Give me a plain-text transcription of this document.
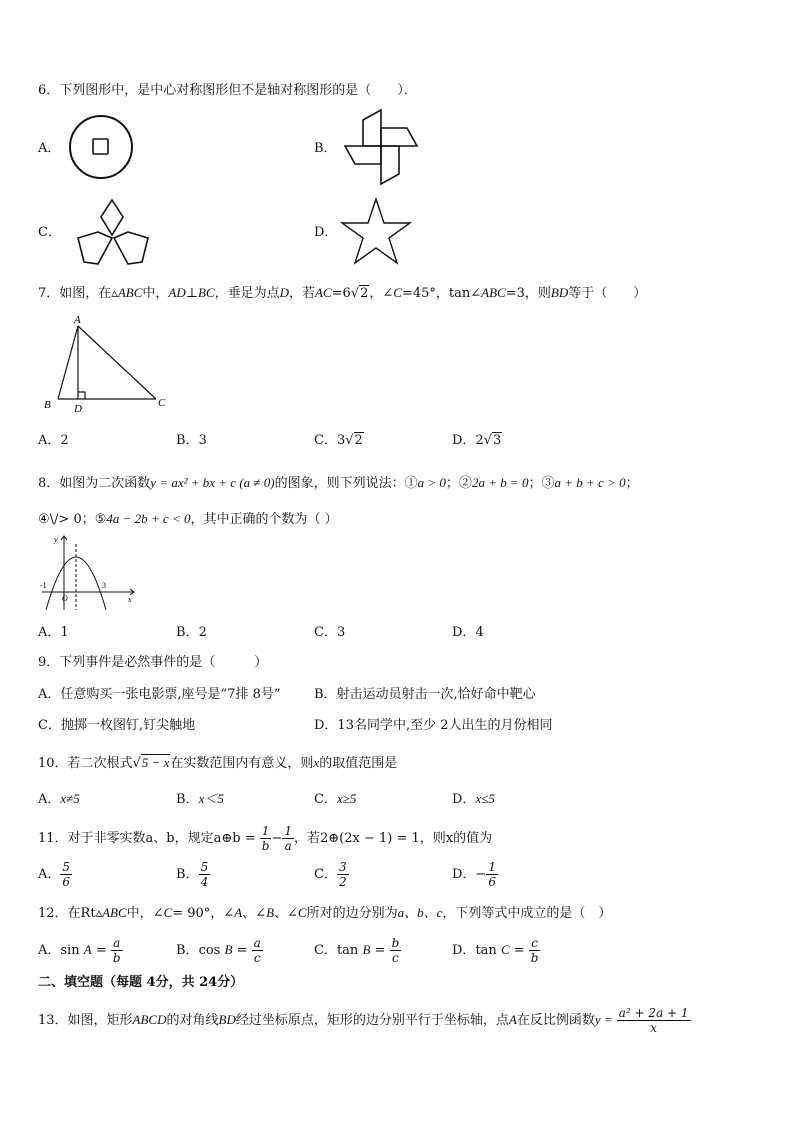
6．下列图形中，是中心对称图形但不是轴对称图形的是（　　）．
A．	B．
C．	D．
7．如图，在▵ABC中，AD⊥BC，垂足为点D，若AC=6√2，∠C=45°，tan∠ABC=3，则BD等于（　　）
A
B D	C
A．2	B．3	C．3√2	D．2√3
8．如图为二次函数y = ax² + bx + c (a ≠ 0)的图象，则下列说法：①a > 0；②2a + b = 0；③a + b + c > 0；
④\/> 0；⑤4a − 2b + c < 0，其中正确的个数为（ ）
y
x
O
-1	3
A．1	B．2	C．3	D．4
9．下列事件是必然事件的是（　　　）
A．任意购买一张电影票,座号是“7排 8号”	B．射击运动员射击一次,恰好命中靶心
C．抛掷一枚图钉,钉尖触地	D．13名同学中,至少 2人出生的月份相同
10．若二次根式√5 − x在实数范围内有意义，则x的取值范围是
A．x≠5	B．x＜5	C．x≥5	D．x≤5
11．对于非零实数a、b，规定a⊕b = $\frac{1}{b} - \frac{1}{a}$ ，若2⊕(2x − 1) = 1，则x的值为
A． $\frac{5}{6}$	B． $\frac{5}{4}$	C． $\frac{3}{2}$	D．− $\frac{1}{6}$
12．在Rt▵ABC中，∠C= 90°，∠A、∠B、∠C所对的边分别为a、b、c，下列等式中成立的是（　）
A．$\sin A = \frac{a}{b}$	B．$\cos B = \frac{a}{c}$	C．$\tan B = \frac{b}{c}$	D．$\tan C = \frac{c}{b}$
二、填空题（每题 4分，共 24分）
13．如图，矩形ABCD的对角线BD经过坐标原点，矩形的边分别平行于坐标轴，点A在反比例函数$y = \frac{\text{a² + 2a + 1}}{x}$
